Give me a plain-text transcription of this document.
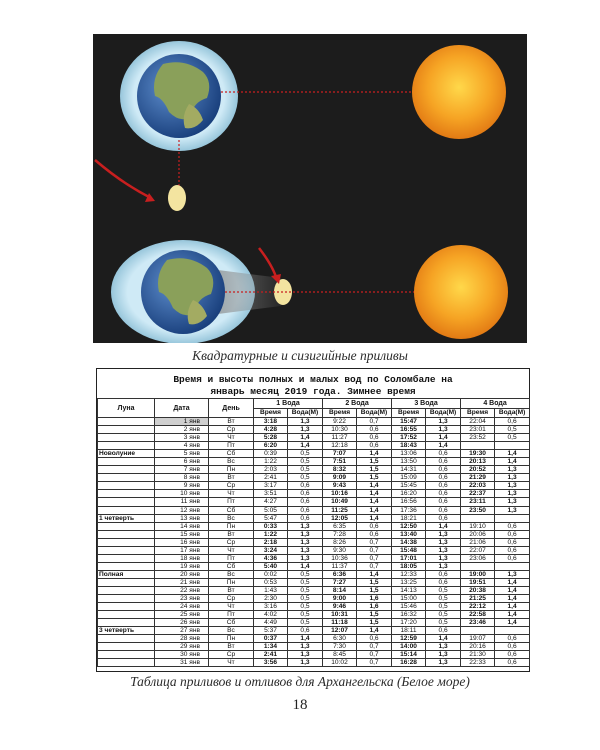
Квадратурные и сизигийные приливы
Время и высоты полных и малых вод по Соломбале на
январь месяц 2019 года. Зимнее время
Луна	Дата	День	1 Вода		2 Вода		3 Вода		4 Вода	
			Время	Вода(М)	Время	Вода(М)	Время	Вода(М)	Время	Вода(М)
	1 янв	Вт	3:18	1,3	9:22	0,7	15:47	1,3	22:04	0,6
	2 янв	Ср	4:28	1,3	10:30	0,6	16:55	1,3	23:01	0,5
	3 янв	Чт	5:28	1,4	11:27	0,6	17:52	1,4	23:52	0,5
	4 янв	Пт	6:20	1,4	12:18	0,6	18:43	1,4		
Новолуние	5 янв	Сб	0:39	0,5	7:07	1,4	13:06	0,6	19:30	1,4
	6 янв	Вс	1:22	0,5	7:51	1,5	13:50	0,6	20:13	1,4
	7 янв	Пн	2:03	0,5	8:32	1,5	14:31	0,6	20:52	1,3
	8 янв	Вт	2:41	0,5	9:09	1,5	15:09	0,6	21:29	1,3
	9 янв	Ср	3:17	0,6	9:43	1,4	15:45	0,6	22:03	1,3
	10 янв	Чт	3:51	0,6	10:16	1,4	16:20	0,6	22:37	1,3
	11 янв	Пт	4:27	0,6	10:49	1,4	16:56	0,6	23:11	1,3
	12 янв	Сб	5:05	0,6	11:25	1,4	17:36	0,6	23:50	1,3
1 четверть	13 янв	Вс	5:47	0,6	12:05	1,4	18:21	0,6		
	14 янв	Пн	0:33	1,3	6:35	0,6	12:50	1,4	19:10	0,6
	15 янв	Вт	1:22	1,3	7:28	0,6	13:40	1,3	20:06	0,6
	16 янв	Ср	2:18	1,3	8:26	0,7	14:38	1,3	21:06	0,6
	17 янв	Чт	3:24	1,3	9:30	0,7	15:48	1,3	22:07	0,6
	18 янв	Пт	4:36	1,3	10:36	0,7	17:01	1,3	23:06	0,6
	19 янв	Сб	5:40	1,4	11:37	0,7	18:05	1,3		
Полная	20 янв	Вс	0:02	0,5	6:36	1,4	12:33	0,6	19:00	1,3
	21 янв	Пн	0:53	0,5	7:27	1,5	13:25	0,6	19:51	1,4
	22 янв	Вт	1:43	0,5	8:14	1,5	14:13	0,5	20:38	1,4
	23 янв	Ср	2:30	0,5	9:00	1,6	15:00	0,5	21:25	1,4
	24 янв	Чт	3:16	0,5	9:46	1,6	15:46	0,5	22:12	1,4
	25 янв	Пт	4:02	0,5	10:31	1,5	16:32	0,5	22:58	1,4
	26 янв	Сб	4:49	0,5	11:18	1,5	17:20	0,5	23:46	1,4
3 четверть	27 янв	Вс	5:37	0,6	12:07	1,4	18:11	0,6		
	28 янв	Пн	0:37	1,4	6:30	0,6	12:59	1,4	19:07	0,6
	29 янв	Вт	1:34	1,3	7:30	0,7	14:00	1,3	20:16	0,6
	30 янв	Ср	2:41	1,3	8:45	0,7	15:14	1,3	21:30	0,6
	31 янв	Чт	3:56	1,3	10:02	0,7	16:28	1,3	22:33	0,6
Таблица приливов и отливов для Архангельска (Белое море)
18
